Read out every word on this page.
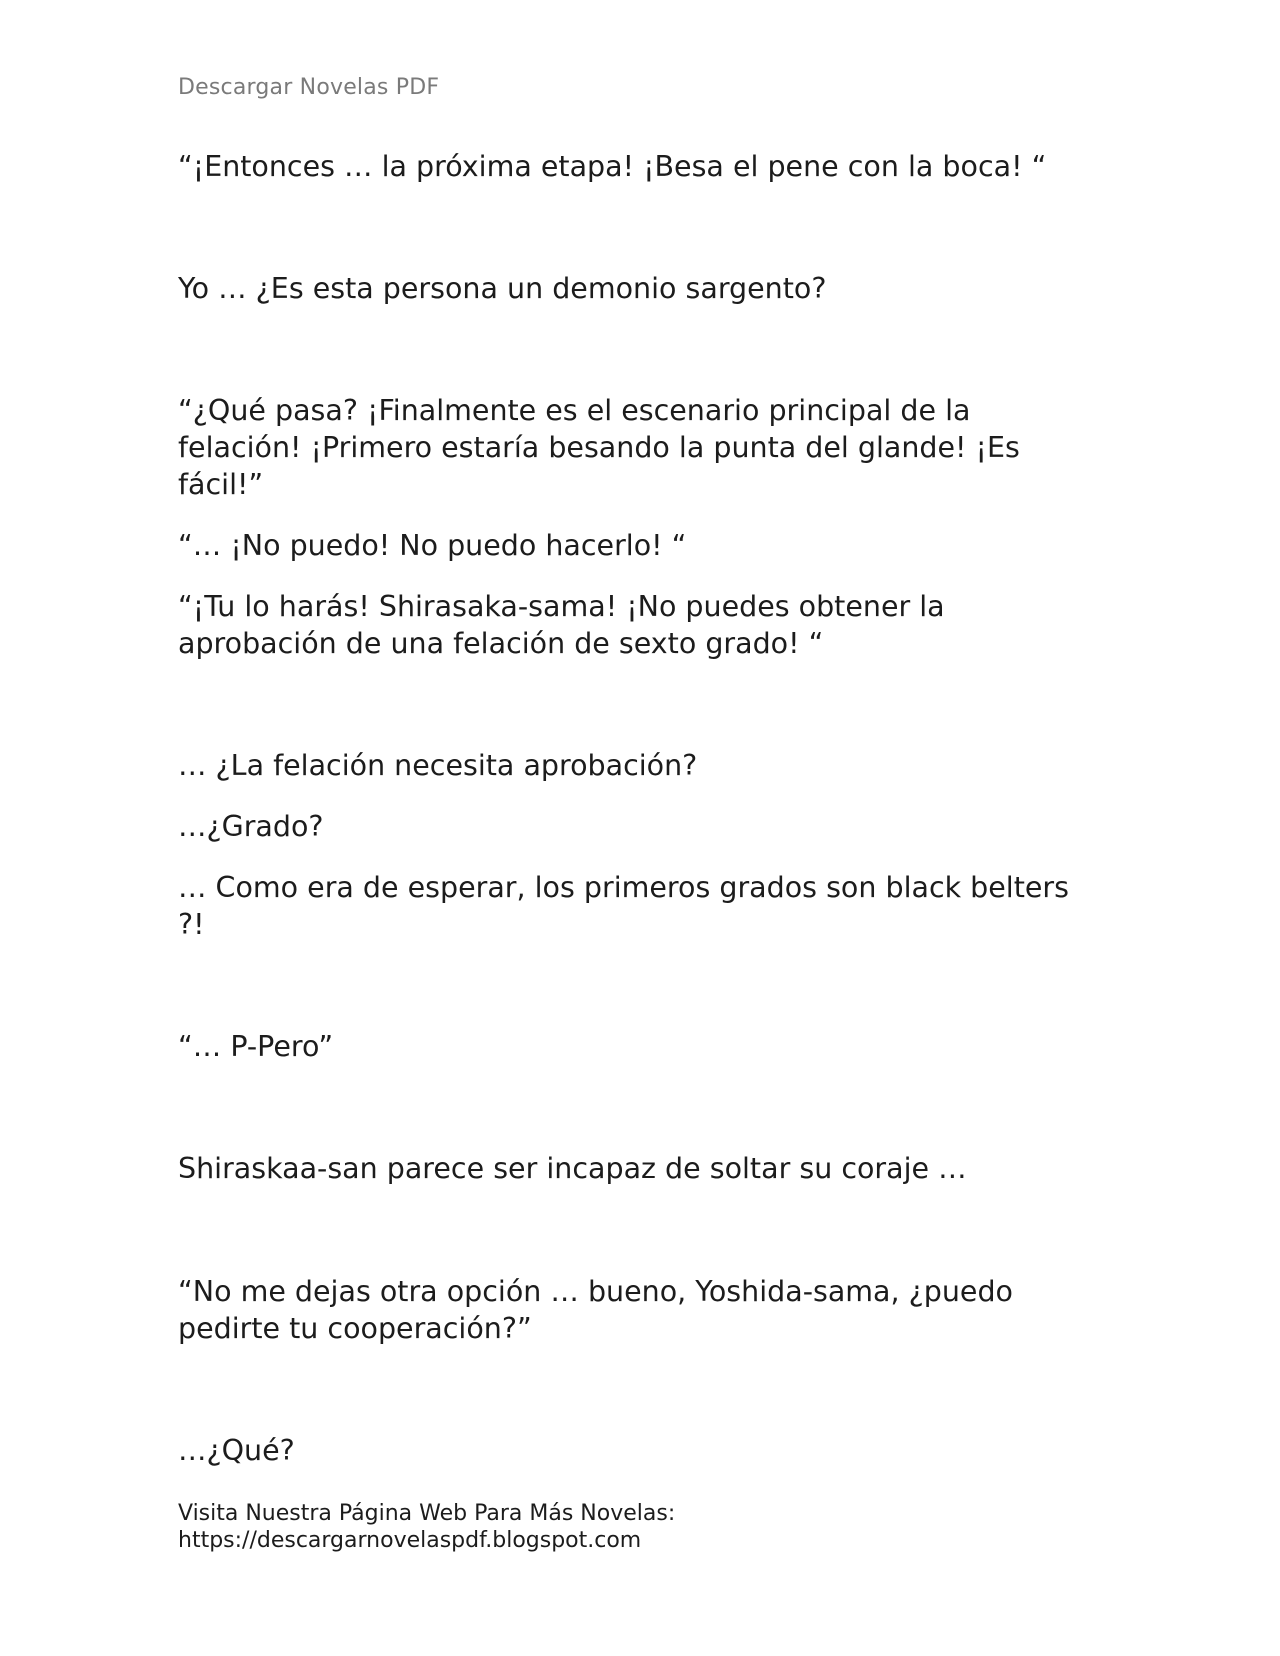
Descargar Novelas PDF

“¡Entonces … la próxima etapa! ¡Besa el pene con la boca! “

Yo … ¿Es esta persona un demonio sargento?

“¿Qué pasa? ¡Finalmente es el escenario principal de la
felación! ¡Primero estaría besando la punta del glande! ¡Es
fácil!”

“… ¡No puedo! No puedo hacerlo! “

“¡Tu lo harás! Shirasaka-sama! ¡No puedes obtener la
aprobación de una felación de sexto grado! “

… ¿La felación necesita aprobación?

…¿Grado?

… Como era de esperar, los primeros grados son black belters
?!

“… P-Pero”

Shiraskaa-san parece ser incapaz de soltar su coraje …

“No me dejas otra opción … bueno, Yoshida-sama, ¿puedo
pedirte tu cooperación?”

…¿Qué?

Visita Nuestra Página Web Para Más Novelas:
https://descargarnovelaspdf.blogspot.com
